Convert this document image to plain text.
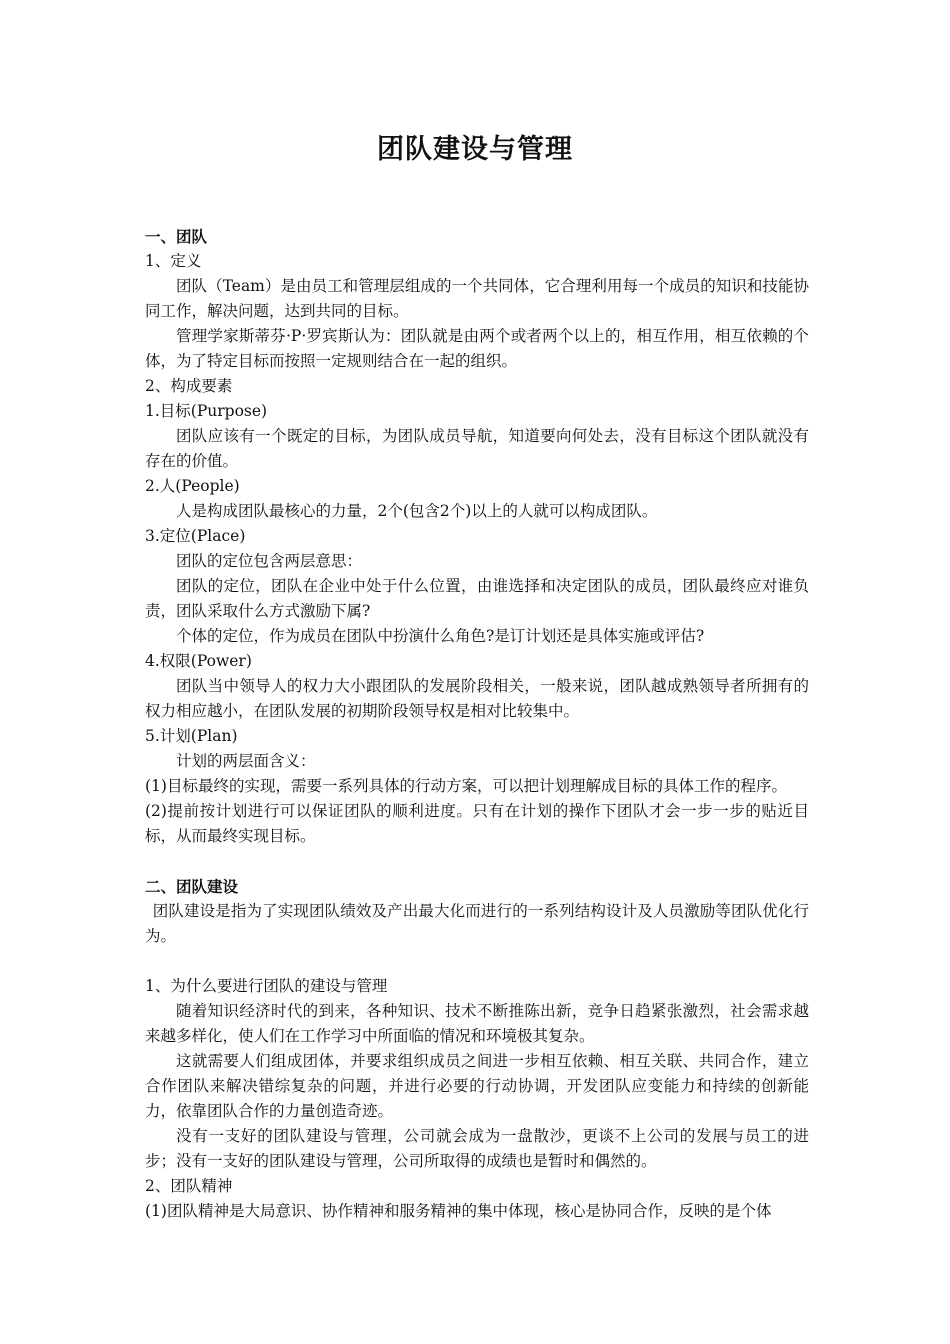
团队建设与管理

一、团队

1、定义

团队（Team）是由员工和管理层组成的一个共同体，它合理利用每一个成员的知识和技能协同工作，解决问题，达到共同的目标。

管理学家斯蒂芬·P·罗宾斯认为：团队就是由两个或者两个以上的，相互作用，相互依赖的个体，为了特定目标而按照一定规则结合在一起的组织。

2、构成要素

1.目标(Purpose)

团队应该有一个既定的目标，为团队成员导航，知道要向何处去，没有目标这个团队就没有存在的价值。

2.人(People)

人是构成团队最核心的力量，2个(包含2个)以上的人就可以构成团队。

3.定位(Place)

团队的定位包含两层意思：

团队的定位，团队在企业中处于什么位置，由谁选择和决定团队的成员，团队最终应对谁负责，团队采取什么方式激励下属?

个体的定位，作为成员在团队中扮演什么角色?是订计划还是具体实施或评估?

4.权限(Power)

团队当中领导人的权力大小跟团队的发展阶段相关，一般来说，团队越成熟领导者所拥有的权力相应越小，在团队发展的初期阶段领导权是相对比较集中。

5.计划(Plan)

计划的两层面含义：

(1)目标最终的实现，需要一系列具体的行动方案，可以把计划理解成目标的具体工作的程序。

(2)提前按计划进行可以保证团队的顺利进度。只有在计划的操作下团队才会一步一步的贴近目标，从而最终实现目标。

二、团队建设

团队建设是指为了实现团队绩效及产出最大化而进行的一系列结构设计及人员激励等团队优化行为。

1、为什么要进行团队的建设与管理

随着知识经济时代的到来，各种知识、技术不断推陈出新，竞争日趋紧张激烈，社会需求越来越多样化，使人们在工作学习中所面临的情况和环境极其复杂。

这就需要人们组成团体，并要求组织成员之间进一步相互依赖、相互关联、共同合作，建立合作团队来解决错综复杂的问题，并进行必要的行动协调，开发团队应变能力和持续的创新能力，依靠团队合作的力量创造奇迹。

没有一支好的团队建设与管理，公司就会成为一盘散沙，更谈不上公司的发展与员工的进步；没有一支好的团队建设与管理，公司所取得的成绩也是暂时和偶然的。

2、团队精神

(1)团队精神是大局意识、协作精神和服务精神的集中体现，核心是协同合作，反映的是个体
